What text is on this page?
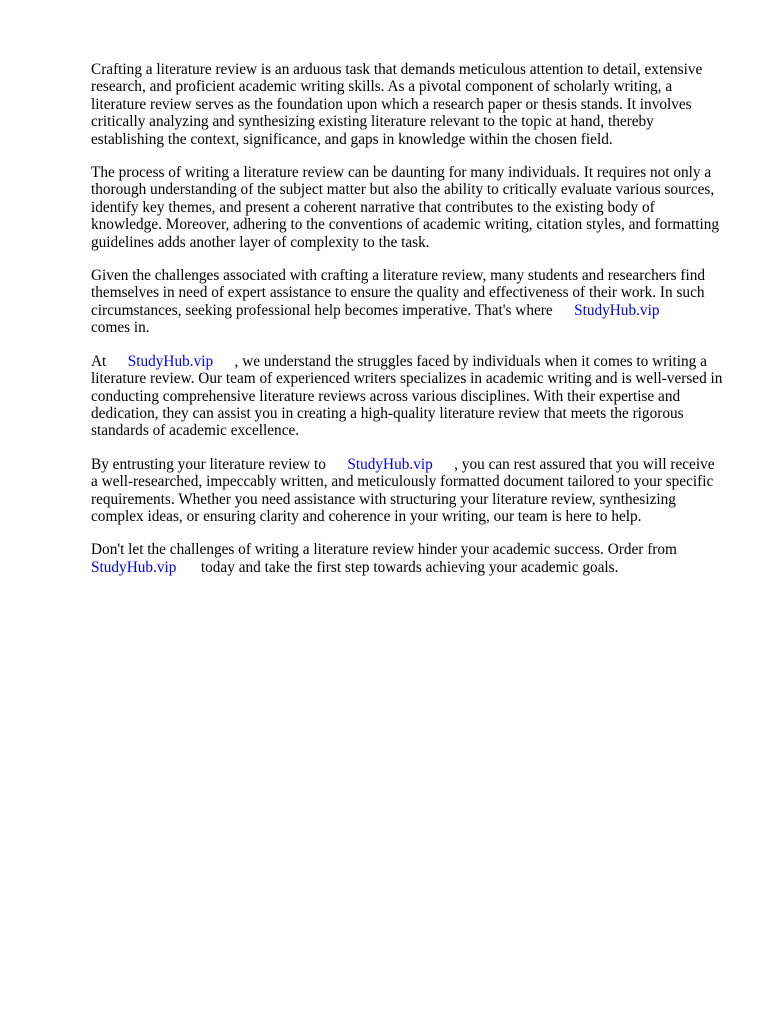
Crafting a literature review is an arduous task that demands meticulous attention to detail, extensive research, and proficient academic writing skills. As a pivotal component of scholarly writing, a literature review serves as the foundation upon which a research paper or thesis stands. It involves critically analyzing and synthesizing existing literature relevant to the topic at hand, thereby establishing the context, significance, and gaps in knowledge within the chosen field.

The process of writing a literature review can be daunting for many individuals. It requires not only a thorough understanding of the subject matter but also the ability to critically evaluate various sources, identify key themes, and present a coherent narrative that contributes to the existing body of knowledge. Moreover, adhering to the conventions of academic writing, citation styles, and formatting guidelines adds another layer of complexity to the task.

Given the challenges associated with crafting a literature review, many students and researchers find themselves in need of expert assistance to ensure the quality and effectiveness of their work. In such circumstances, seeking professional help becomes imperative. That's where StudyHub.vip comes in.

At StudyHub.vip , we understand the struggles faced by individuals when it comes to writing a literature review. Our team of experienced writers specializes in academic writing and is well-versed in conducting comprehensive literature reviews across various disciplines. With their expertise and dedication, they can assist you in creating a high-quality literature review that meets the rigorous standards of academic excellence.

By entrusting your literature review to StudyHub.vip , you can rest assured that you will receive a well-researched, impeccably written, and meticulously formatted document tailored to your specific requirements. Whether you need assistance with structuring your literature review, synthesizing complex ideas, or ensuring clarity and coherence in your writing, our team is here to help.

Don't let the challenges of writing a literature review hinder your academic success. Order from StudyHub.vip today and take the first step towards achieving your academic goals.
